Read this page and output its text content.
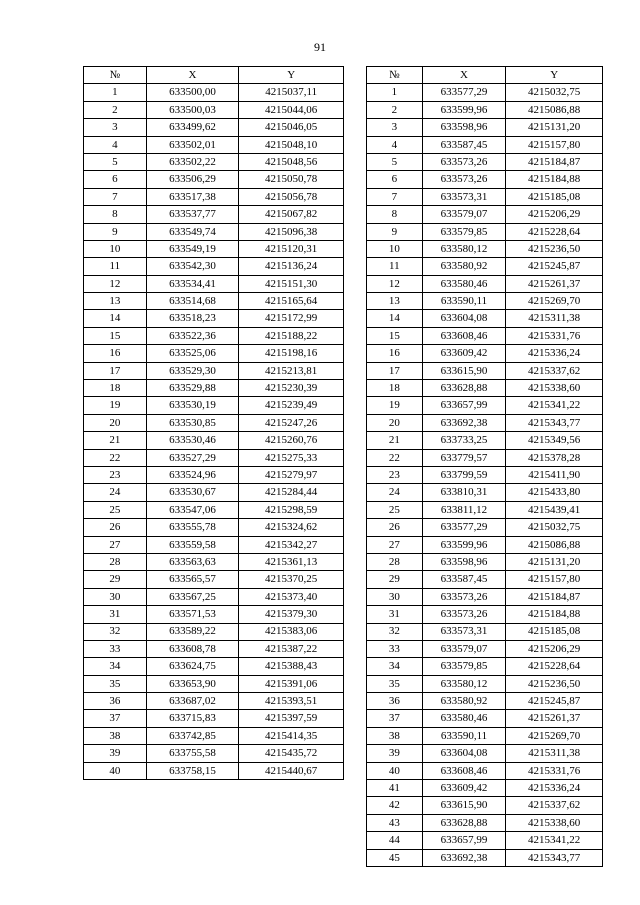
91
№	X	Y
1	633500,00	4215037,11
2	633500,03	4215044,06
3	633499,62	4215046,05
4	633502,01	4215048,10
5	633502,22	4215048,56
6	633506,29	4215050,78
7	633517,38	4215056,78
8	633537,77	4215067,82
9	633549,74	4215096,38
10	633549,19	4215120,31
11	633542,30	4215136,24
12	633534,41	4215151,30
13	633514,68	4215165,64
14	633518,23	4215172,99
15	633522,36	4215188,22
16	633525,06	4215198,16
17	633529,30	4215213,81
18	633529,88	4215230,39
19	633530,19	4215239,49
20	633530,85	4215247,26
21	633530,46	4215260,76
22	633527,29	4215275,33
23	633524,96	4215279,97
24	633530,67	4215284,44
25	633547,06	4215298,59
26	633555,78	4215324,62
27	633559,58	4215342,27
28	633563,63	4215361,13
29	633565,57	4215370,25
30	633567,25	4215373,40
31	633571,53	4215379,30
32	633589,22	4215383,06
33	633608,78	4215387,22
34	633624,75	4215388,43
35	633653,90	4215391,06
36	633687,02	4215393,51
37	633715,83	4215397,59
38	633742,85	4215414,35
39	633755,58	4215435,72
40	633758,15	4215440,67
№	X	Y
1	633577,29	4215032,75
2	633599,96	4215086,88
3	633598,96	4215131,20
4	633587,45	4215157,80
5	633573,26	4215184,87
6	633573,26	4215184,88
7	633573,31	4215185,08
8	633579,07	4215206,29
9	633579,85	4215228,64
10	633580,12	4215236,50
11	633580,92	4215245,87
12	633580,46	4215261,37
13	633590,11	4215269,70
14	633604,08	4215311,38
15	633608,46	4215331,76
16	633609,42	4215336,24
17	633615,90	4215337,62
18	633628,88	4215338,60
19	633657,99	4215341,22
20	633692,38	4215343,77
21	633733,25	4215349,56
22	633779,57	4215378,28
23	633799,59	4215411,90
24	633810,31	4215433,80
25	633811,12	4215439,41
26	633577,29	4215032,75
27	633599,96	4215086,88
28	633598,96	4215131,20
29	633587,45	4215157,80
30	633573,26	4215184,87
31	633573,26	4215184,88
32	633573,31	4215185,08
33	633579,07	4215206,29
34	633579,85	4215228,64
35	633580,12	4215236,50
36	633580,92	4215245,87
37	633580,46	4215261,37
38	633590,11	4215269,70
39	633604,08	4215311,38
40	633608,46	4215331,76
41	633609,42	4215336,24
42	633615,90	4215337,62
43	633628,88	4215338,60
44	633657,99	4215341,22
45	633692,38	4215343,77
